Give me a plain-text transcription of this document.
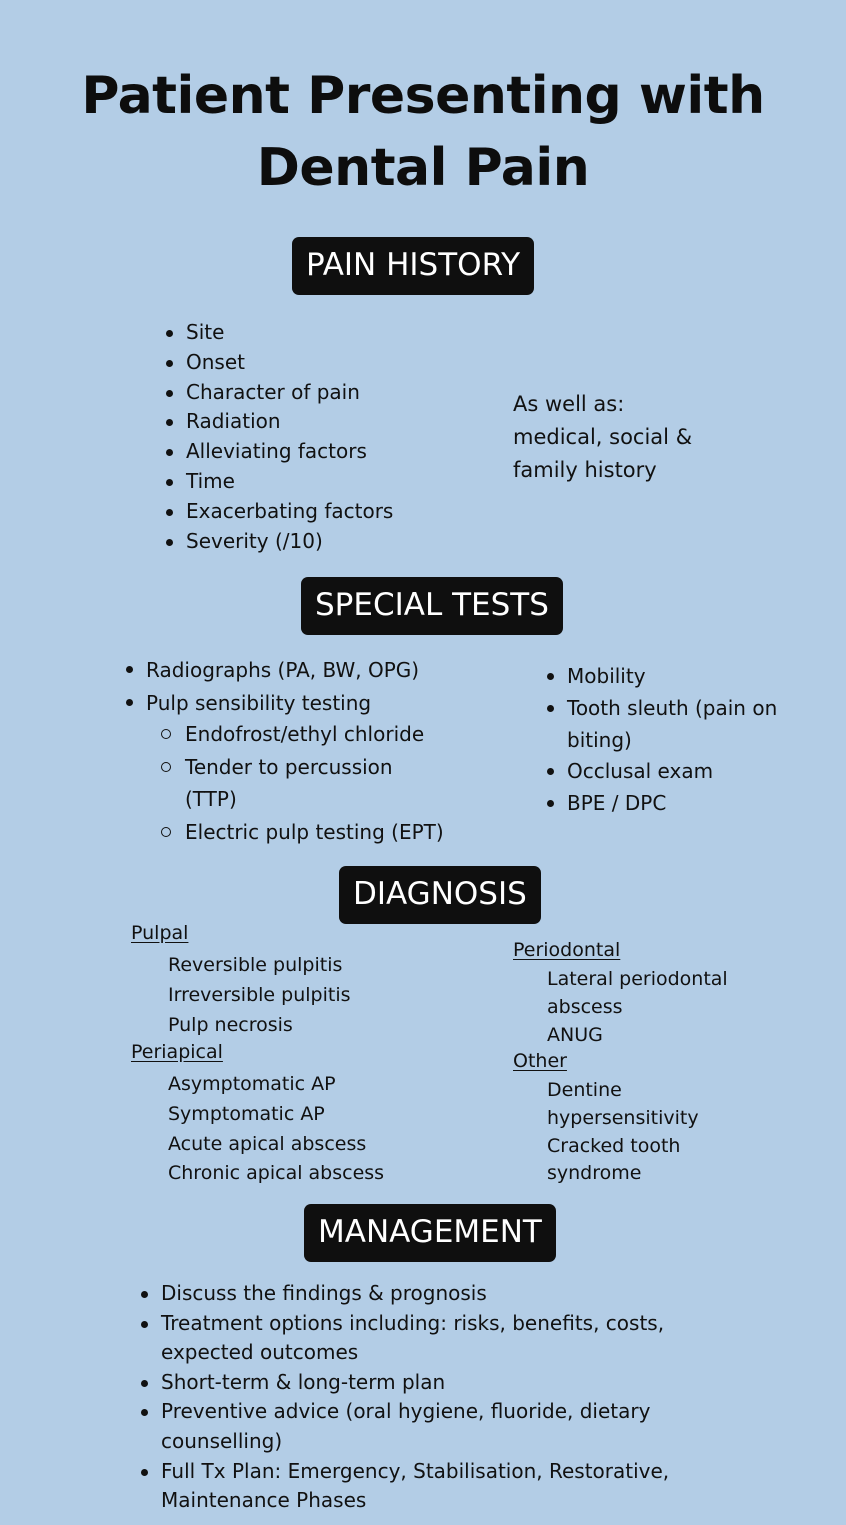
Patient Presenting with
Dental Pain
PAIN HISTORY
Site
Onset
Character of pain
Radiation
Alleviating factors
Time
Exacerbating factors
Severity (/10)
As well as:
medical, social &
family history
SPECIAL TESTS
Radiographs (PA, BW, OPG)
Pulp sensibility testing
Endofrost/ethyl chloride
Tender to percussion (TTP)
Electric pulp testing (EPT)
Mobility
Tooth sleuth (pain on biting)
Occlusal exam
BPE / DPC
DIAGNOSIS
Pulpal
Reversible pulpitis
Irreversible pulpitis
Pulp necrosis
Periapical
Asymptomatic AP
Symptomatic AP
Acute apical abscess
Chronic apical abscess
Periodontal
Lateral periodontal
abscess
ANUG
Other
Dentine
hypersensitivity
Cracked tooth
syndrome
MANAGEMENT
Discuss the findings & prognosis
Treatment options including: risks, benefits, costs, expected outcomes
Short-term & long-term plan
Preventive advice (oral hygiene, fluoride, dietary counselling)
Full Tx Plan: Emergency, Stabilisation, Restorative, Maintenance Phases
